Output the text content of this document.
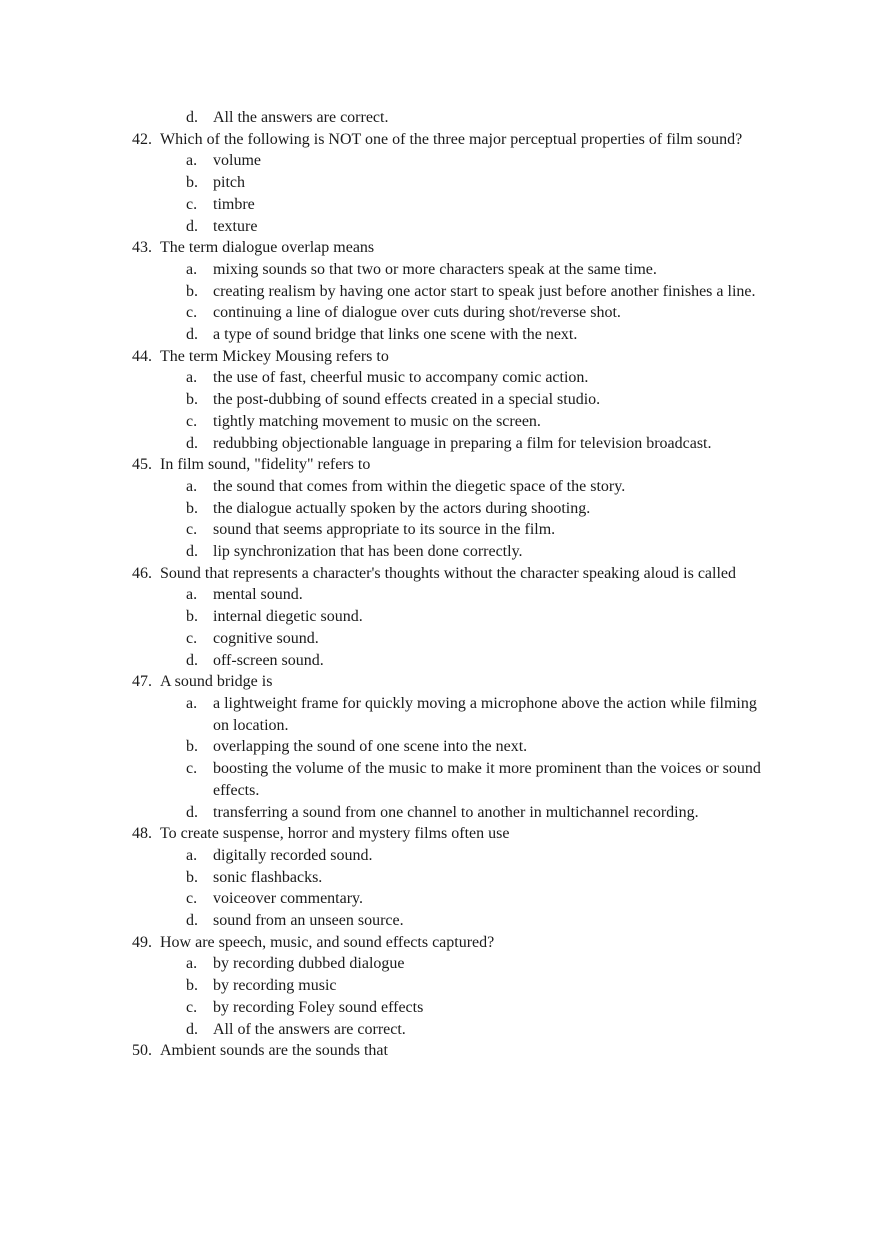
d. All the answers are correct.
42. Which of the following is NOT one of the three major perceptual properties of film sound?
a. volume
b. pitch
c. timbre
d. texture
43. The term dialogue overlap means
a. mixing sounds so that two or more characters speak at the same time.
b. creating realism by having one actor start to speak just before another finishes a line.
c. continuing a line of dialogue over cuts during shot/reverse shot.
d. a type of sound bridge that links one scene with the next.
44. The term Mickey Mousing refers to
a. the use of fast, cheerful music to accompany comic action.
b. the post-dubbing of sound effects created in a special studio.
c. tightly matching movement to music on the screen.
d. redubbing objectionable language in preparing a film for television broadcast.
45. In film sound, "fidelity" refers to
a. the sound that comes from within the diegetic space of the story.
b. the dialogue actually spoken by the actors during shooting.
c. sound that seems appropriate to its source in the film.
d. lip synchronization that has been done correctly.
46. Sound that represents a character's thoughts without the character speaking aloud is called
a. mental sound.
b. internal diegetic sound.
c. cognitive sound.
d. off-screen sound.
47. A sound bridge is
a. a lightweight frame for quickly moving a microphone above the action while filming on location.
b. overlapping the sound of one scene into the next.
c. boosting the volume of the music to make it more prominent than the voices or sound effects.
d. transferring a sound from one channel to another in multichannel recording.
48. To create suspense, horror and mystery films often use
a. digitally recorded sound.
b. sonic flashbacks.
c. voiceover commentary.
d. sound from an unseen source.
49. How are speech, music, and sound effects captured?
a. by recording dubbed dialogue
b. by recording music
c. by recording Foley sound effects
d. All of the answers are correct.
50. Ambient sounds are the sounds that
